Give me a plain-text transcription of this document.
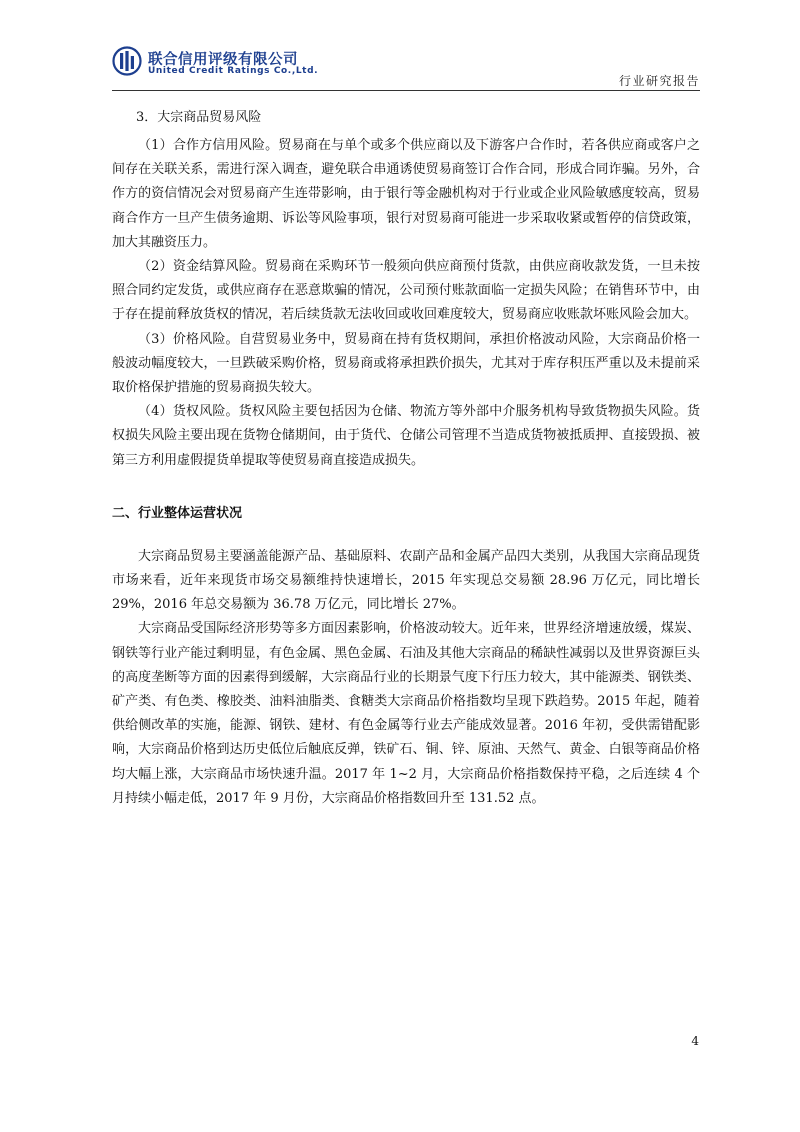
联合信用评级有限公司
United Credit Ratings Co.,Ltd.
行业研究报告
3．大宗商品贸易风险

（1）合作方信用风险。贸易商在与单个或多个供应商以及下游客户合作时，若各供应商或客户之间存在关联关系，需进行深入调查，避免联合串通诱使贸易商签订合作合同，形成合同诈骗。另外，合作方的资信情况会对贸易商产生连带影响，由于银行等金融机构对于行业或企业风险敏感度较高，贸易商合作方一旦产生债务逾期、诉讼等风险事项，银行对贸易商可能进一步采取收紧或暂停的信贷政策，加大其融资压力。

（2）资金结算风险。贸易商在采购环节一般须向供应商预付货款，由供应商收款发货，一旦未按照合同约定发货，或供应商存在恶意欺骗的情况，公司预付账款面临一定损失风险；在销售环节中，由于存在提前释放货权的情况，若后续货款无法收回或收回难度较大，贸易商应收账款坏账风险会加大。

（3）价格风险。自营贸易业务中，贸易商在持有货权期间，承担价格波动风险，大宗商品价格一般波动幅度较大，一旦跌破采购价格，贸易商或将承担跌价损失，尤其对于库存积压严重以及未提前采取价格保护措施的贸易商损失较大。

（4）货权风险。货权风险主要包括因为仓储、物流方等外部中介服务机构导致货物损失风险。货权损失风险主要出现在货物仓储期间，由于货代、仓储公司管理不当造成货物被抵质押、直接毁损、被第三方利用虚假提货单提取等使贸易商直接造成损失。

二、行业整体运营状况

大宗商品贸易主要涵盖能源产品、基础原料、农副产品和金属产品四大类别，从我国大宗商品现货市场来看，近年来现货市场交易额维持快速增长，2015 年实现总交易额 28.96 万亿元，同比增长 29%，2016 年总交易额为 36.78 万亿元，同比增长 27%。

大宗商品受国际经济形势等多方面因素影响，价格波动较大。近年来，世界经济增速放缓，煤炭、钢铁等行业产能过剩明显，有色金属、黑色金属、石油及其他大宗商品的稀缺性减弱以及世界资源巨头的高度垄断等方面的因素得到缓解，大宗商品行业的长期景气度下行压力较大，其中能源类、钢铁类、矿产类、有色类、橡胶类、油料油脂类、食糖类大宗商品价格指数均呈现下跌趋势。2015 年起，随着供给侧改革的实施，能源、钢铁、建材、有色金属等行业去产能成效显著。2016 年初，受供需错配影响，大宗商品价格到达历史低位后触底反弹，铁矿石、铜、锌、原油、天然气、黄金、白银等商品价格均大幅上涨，大宗商品市场快速升温。2017 年 1~2 月，大宗商品价格指数保持平稳，之后连续 4 个月持续小幅走低，2017 年 9 月份，大宗商品价格指数回升至 131.52 点。

4
